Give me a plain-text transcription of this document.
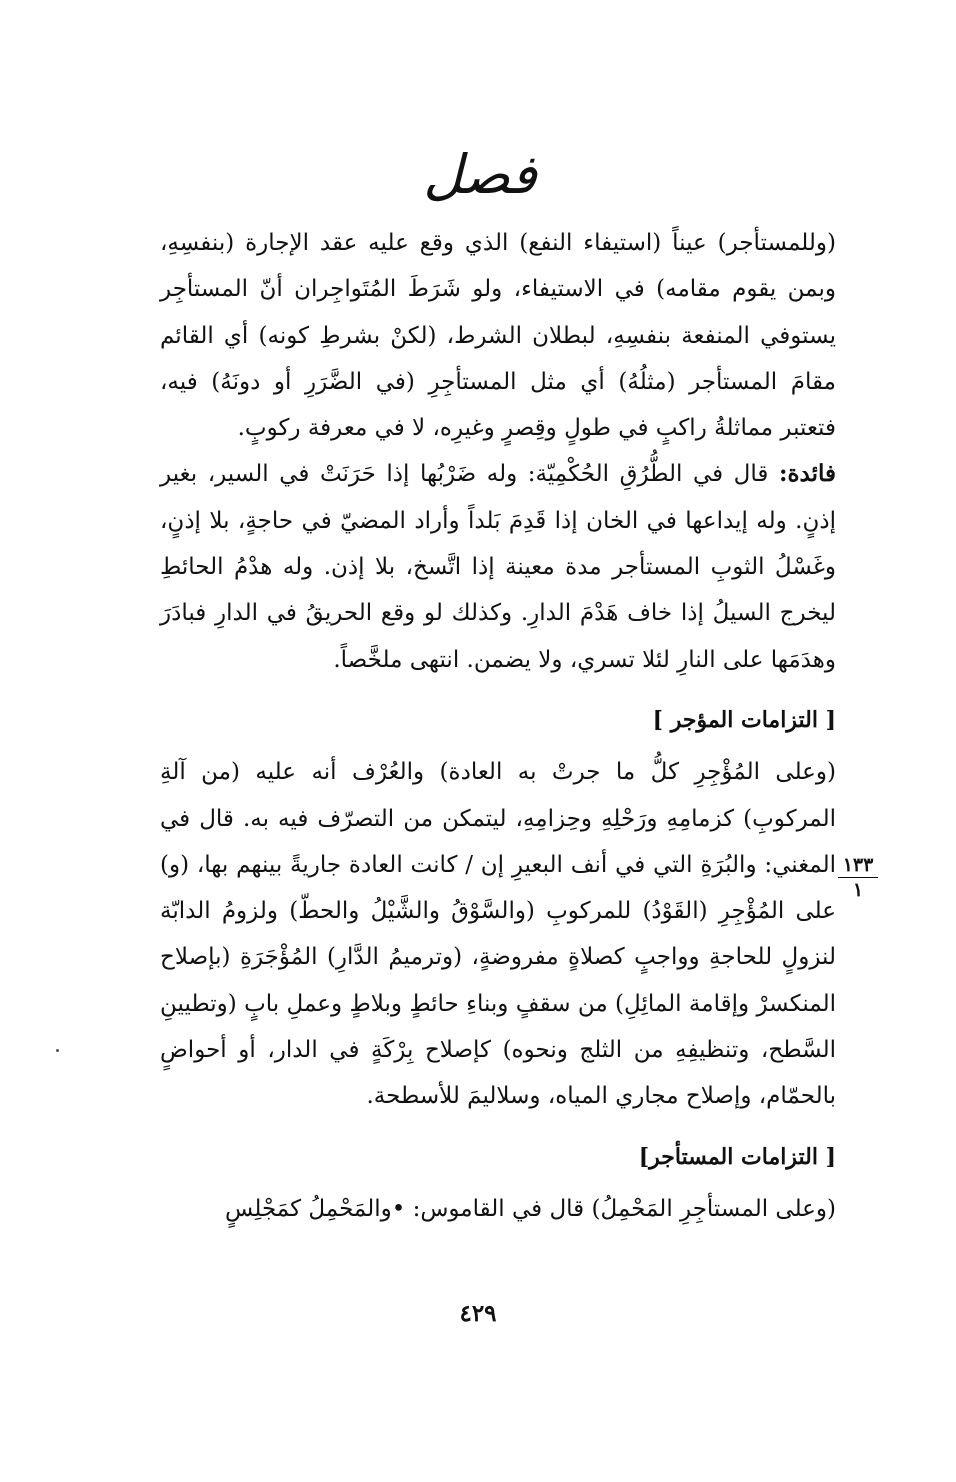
فصل

(وللمستأجر) عيناً (استيفاء النفع) الذي وقع عليه عقد الإجارة (بنفسِهِ، وبمن يقوم مقامه) في الاستيفاء، ولو شَرَطَ المُتَواجِران أنّ المستأجِر يستوفي المنفعة بنفسِهِ، لبطلان الشرط، (لكنْ بشرطِ كونه) أي القائم مقامَ المستأجر (مثلُهُ) أي مثل المستأجِرِ (في الضَّرَرِ أو دونَهُ) فيه، فتعتبر مماثلةُ راكبٍ في طولٍ وقِصرٍ وغيرِه، لا في معرفة ركوبٍ.

فائدة: قال في الطُّرُقِ الحُكْمِيّة: وله ضَرْبُها إذا حَرَنَتْ في السير، بغير إذنٍ. وله إيداعها في الخان إذا قَدِمَ بَلداً وأراد المضيّ في حاجةٍ، بلا إذنٍ، وغَسْلُ الثوبِ المستأجر مدة معينة إذا اتَّسخ، بلا إذن. وله هدْمُ الحائطِ ليخرج السيلُ إذا خاف هَدْمَ الدارِ. وكذلك لو وقع الحريقُ في الدارِ فبادَرَ وهدَمَها على النارِ لئلا تسري، ولا يضمن. انتهى ملخَّصاً.

[ التزامات المؤجر ]

(وعلى المُؤْجِرِ كلُّ ما جرتْ به العادة) والعُرْف أنه عليه (من آلةِ المركوبِ) كزمامِهِ ورَحْلِهِ وحِزامِهِ، ليتمكن من التصرّف فيه به. قال في المغني: والبُرَةِ التي في أنف البعيرِ إن / كانت العادة جاريةً بينهم بها، (و) على المُؤْجِرِ (القَوْدُ) للمركوبِ (والسَّوْقُ والشَّيْلُ والحطّ) ولزومُ الدابّة لنزولٍ للحاجةِ وواجبٍ كصلاةٍ مفروضةٍ، (وترميمُ الدَّارِ) المُؤْجَرَةِ (بإصلاح المنكسرْ وإقامة المائِلِ) من سقفٍ وبناءِ حائطٍ وبلاطٍ وعملِ بابٍ (وتطيينِ السَّطح، وتنظيفِهِ من الثلج ونحوه) كإصلاح بِرْكَةٍ في الدار، أو أحواضٍ بالحمّام، وإصلاح مجاري المياه، وسلاليمَ للأسطحة.

[ التزامات المستأجر]

(وعلى المستأجِرِ المَحْمِلُ) قال في القاموس: •والمَحْمِلُ كمَجْلِسٍ

١٣٣
١
٤٢٩
